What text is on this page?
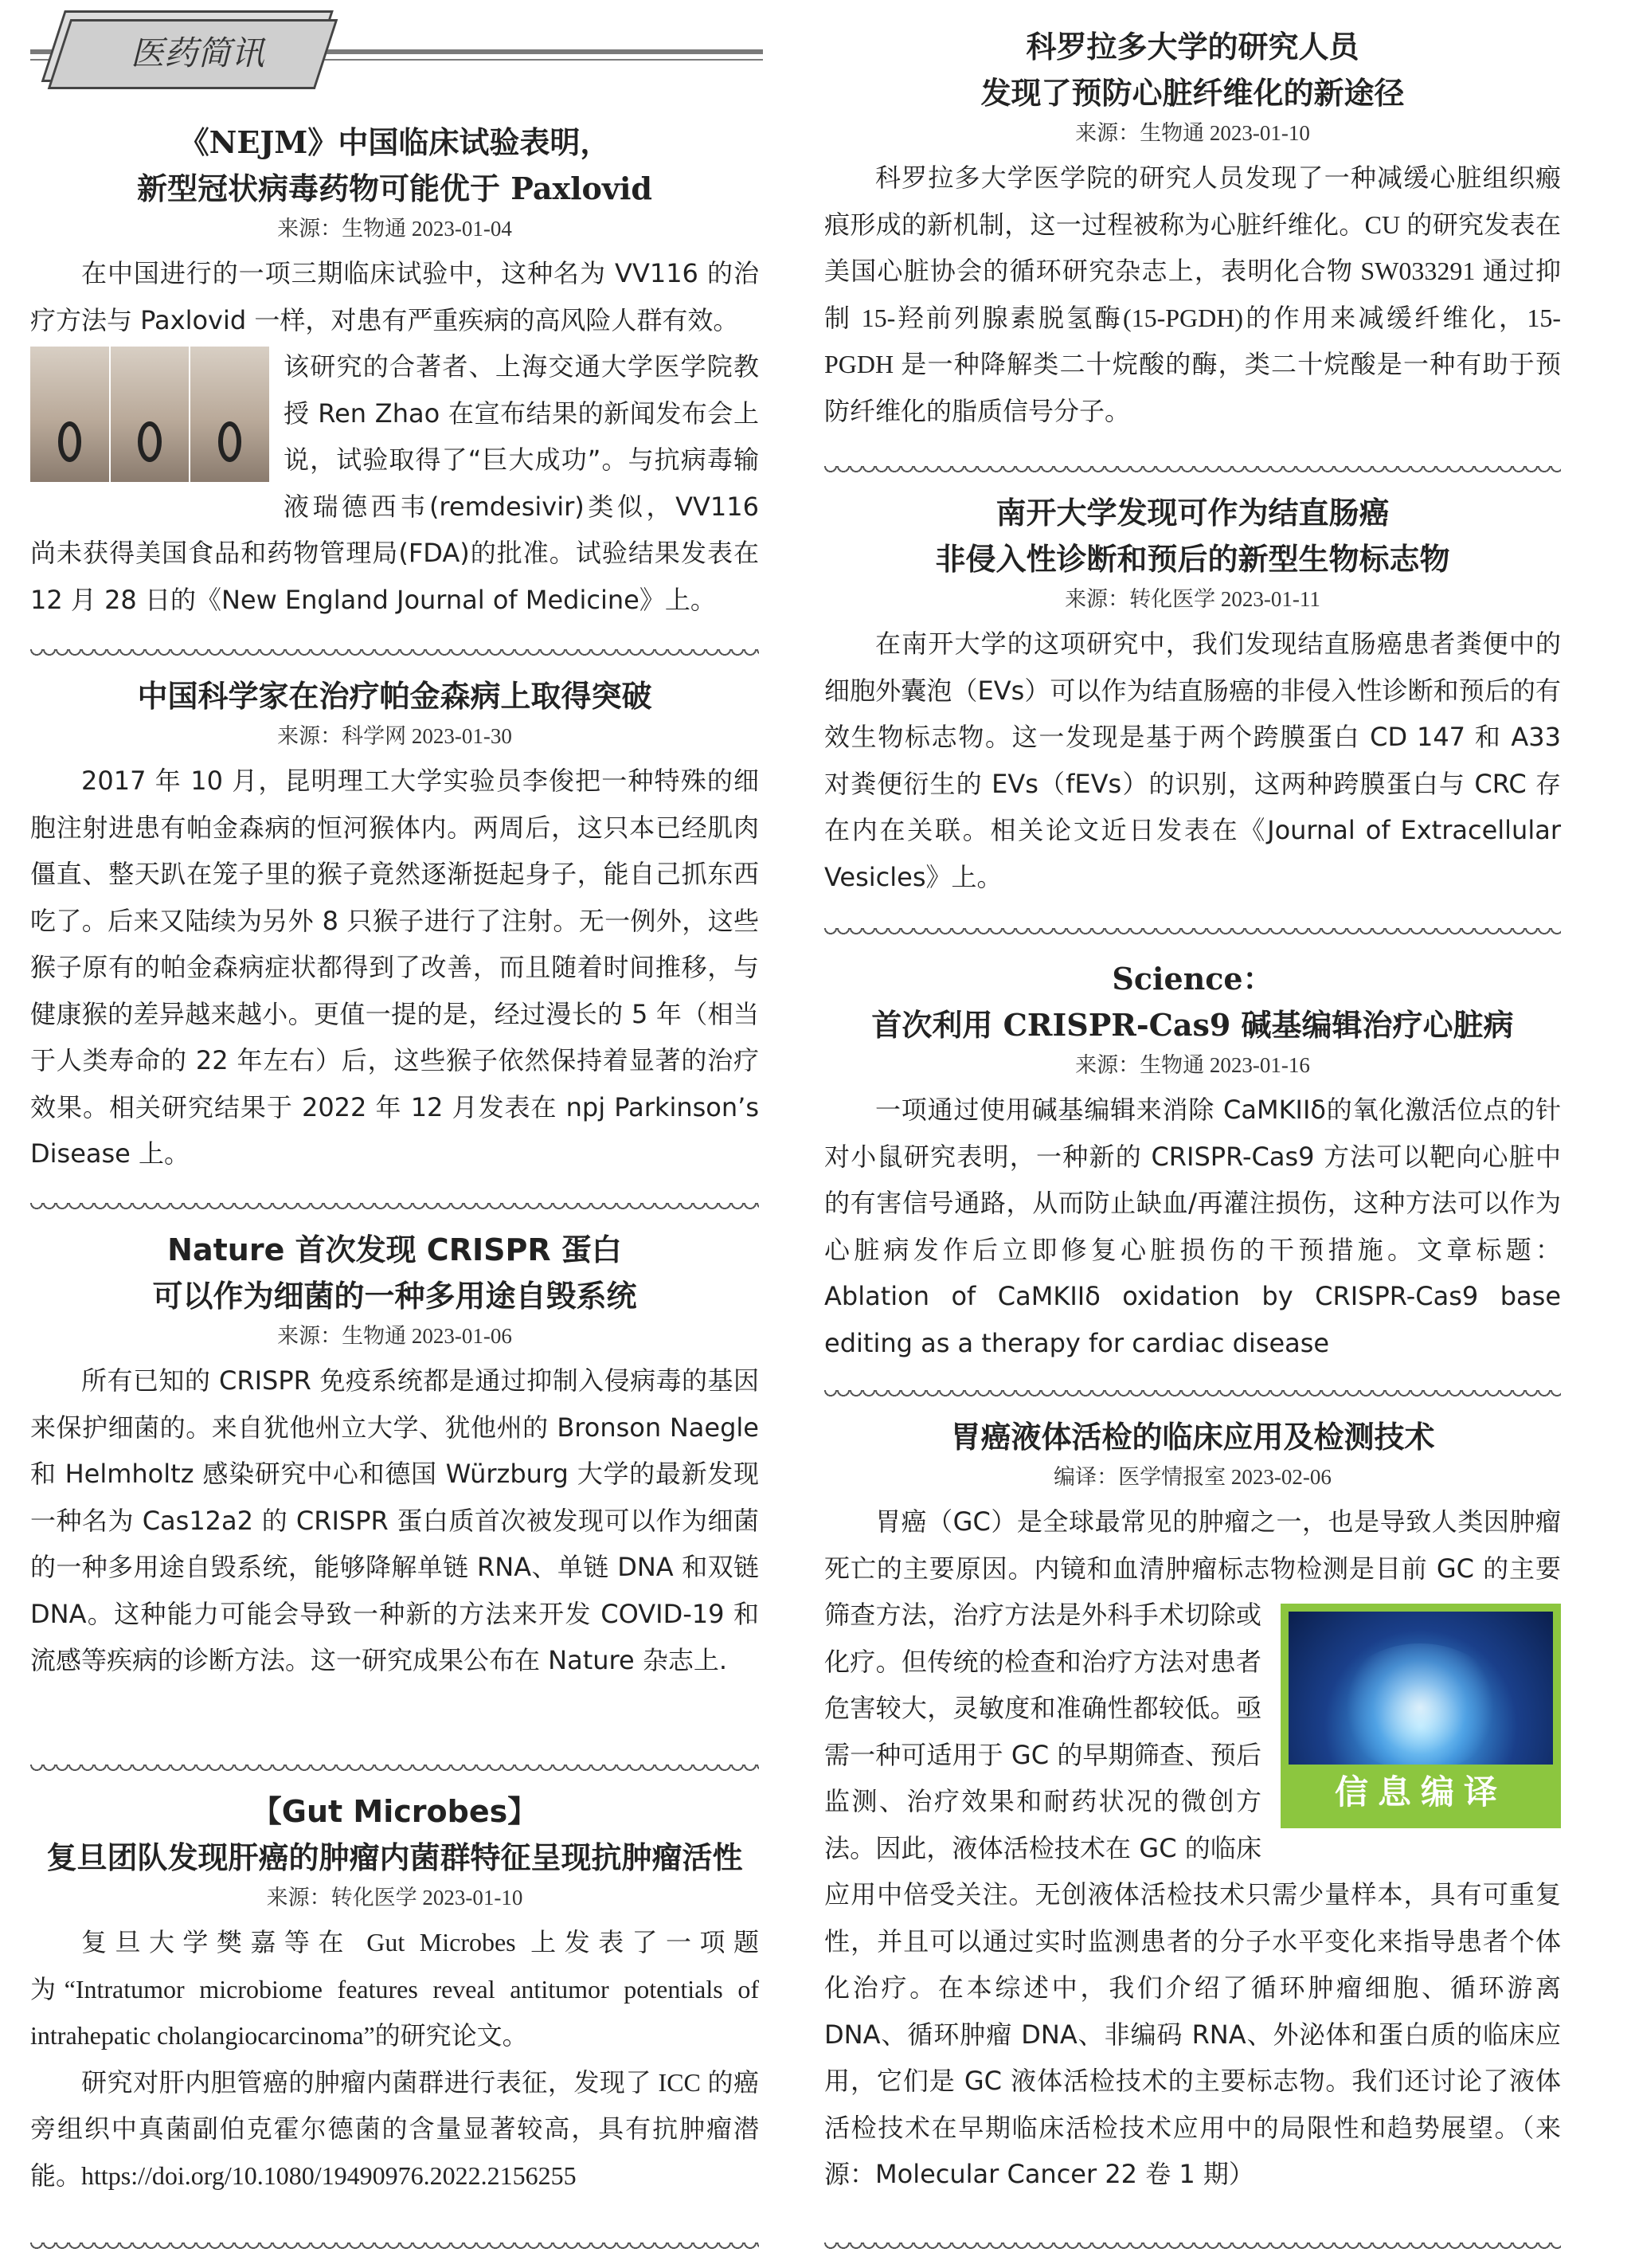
医药简讯
《NEJM》中国临床试验表明，
新型冠状病毒药物可能优于 Paxlovid

来源：生物通 2023-01-04

在中国进行的一项三期临床试验中，这种名为 VV116 的治疗方法与 Paxlovid 一样，对患有严重疾病的高风险人群有效。

该研究的合著者、上海交通大学医学院教授 Ren Zhao 在宣布结果的新闻发布会上说，试验取得了“巨大成功”。与抗病毒输液瑞德西韦(remdesivir)类似，VV116 尚未获得美国食品和药物管理局(FDA)的批准。试验结果发表在 12 月 28 日的《New England Journal of Medicine》上。

中国科学家在治疗帕金森病上取得突破

来源：科学网 2023-01-30

2017 年 10 月，昆明理工大学实验员李俊把一种特殊的细胞注射进患有帕金森病的恒河猴体内。两周后，这只本已经肌肉僵直、整天趴在笼子里的猴子竟然逐渐挺起身子，能自己抓东西吃了。后来又陆续为另外 8 只猴子进行了注射。无一例外，这些猴子原有的帕金森病症状都得到了改善，而且随着时间推移，与健康猴的差异越来越小。更值一提的是，经过漫长的 5 年（相当于人类寿命的 22 年左右）后，这些猴子依然保持着显著的治疗效果。相关研究结果于 2022 年 12 月发表在 npj Parkinson’s Disease 上。

Nature 首次发现 CRISPR 蛋白
可以作为细菌的一种多用途自毁系统

来源：生物通 2023-01-06

所有已知的 CRISPR 免疫系统都是通过抑制入侵病毒的基因来保护细菌的。来自犹他州立大学、犹他州的 Bronson Naegle 和 Helmholtz 感染研究中心和德国 Würzburg 大学的最新发现一种名为 Cas12a2 的 CRISPR 蛋白质首次被发现可以作为细菌的一种多用途自毁系统，能够降解单链 RNA、单链 DNA 和双链 DNA。这种能力可能会导致一种新的方法来开发 COVID-19 和流感等疾病的诊断方法。这一研究成果公布在 Nature 杂志上.

【Gut Microbes】
复旦团队发现肝癌的肿瘤内菌群特征呈现抗肿瘤活性

来源：转化医学 2023-01-10

复旦大学樊嘉等在 Gut Microbes 上发表了一项题为“Intratumor microbiome features reveal antitumor potentials of intrahepatic cholangiocarcinoma”的研究论文。

研究对肝内胆管癌的肿瘤内菌群进行表征，发现了 ICC 的癌旁组织中真菌副伯克霍尔德菌的含量显著较高，具有抗肿瘤潜能。https://doi.org/10.1080/19490976.2022.2156255

科罗拉多大学的研究人员
发现了预防心脏纤维化的新途径

来源：生物通 2023-01-10

科罗拉多大学医学院的研究人员发现了一种减缓心脏组织瘢痕形成的新机制，这一过程被称为心脏纤维化。CU 的研究发表在美国心脏协会的循环研究杂志上，表明化合物 SW033291 通过抑制 15-羟前列腺素脱氢酶(15-PGDH)的作用来减缓纤维化，15-PGDH 是一种降解类二十烷酸的酶，类二十烷酸是一种有助于预防纤维化的脂质信号分子。

南开大学发现可作为结直肠癌
非侵入性诊断和预后的新型生物标志物

来源：转化医学 2023-01-11

在南开大学的这项研究中，我们发现结直肠癌患者粪便中的细胞外囊泡（EVs）可以作为结直肠癌的非侵入性诊断和预后的有效生物标志物。这一发现是基于两个跨膜蛋白 CD 147 和 A33 对粪便衍生的 EVs（fEVs）的识别，这两种跨膜蛋白与 CRC 存在内在关联。相关论文近日发表在《Journal of Extracellular Vesicles》上。

Science：
首次利用 CRISPR-Cas9 碱基编辑治疗心脏病

来源：生物通 2023-01-16

一项通过使用碱基编辑来消除 CaMKIIδ的氧化激活位点的针对小鼠研究表明，一种新的 CRISPR-Cas9 方法可以靶向心脏中的有害信号通路，从而防止缺血/再灌注损伤，这种方法可以作为心脏病发作后立即修复心脏损伤的干预措施。文章标题：Ablation of CaMKIIδ oxidation by CRISPR-Cas9 base editing as a therapy for cardiac disease

胃癌液体活检的临床应用及检测技术

编译：医学情报室 2023-02-06

信息编译

胃癌（GC）是全球最常见的肿瘤之一，也是导致人类因肿瘤死亡的主要原因。内镜和血清肿瘤标志物检测是目前 GC 的主要筛查方法，治疗方法是外科手术切除或化疗。但传统的检查和治疗方法对患者危害较大，灵敏度和准确性都较低。亟需一种可适用于 GC 的早期筛查、预后监测、治疗效果和耐药状况的微创方法。因此，液体活检技术在 GC 的临床应用中倍受关注。无创液体活检技术只需少量样本，具有可重复性，并且可以通过实时监测患者的分子水平变化来指导患者个体化治疗。在本综述中，我们介绍了循环肿瘤细胞、循环游离 DNA、循环肿瘤 DNA、非编码 RNA、外泌体和蛋白质的临床应用，它们是 GC 液体活检技术的主要标志物。我们还讨论了液体活检技术在早期临床活检技术应用中的局限性和趋势展望。（来源：Molecular Cancer 22 卷 1 期）
